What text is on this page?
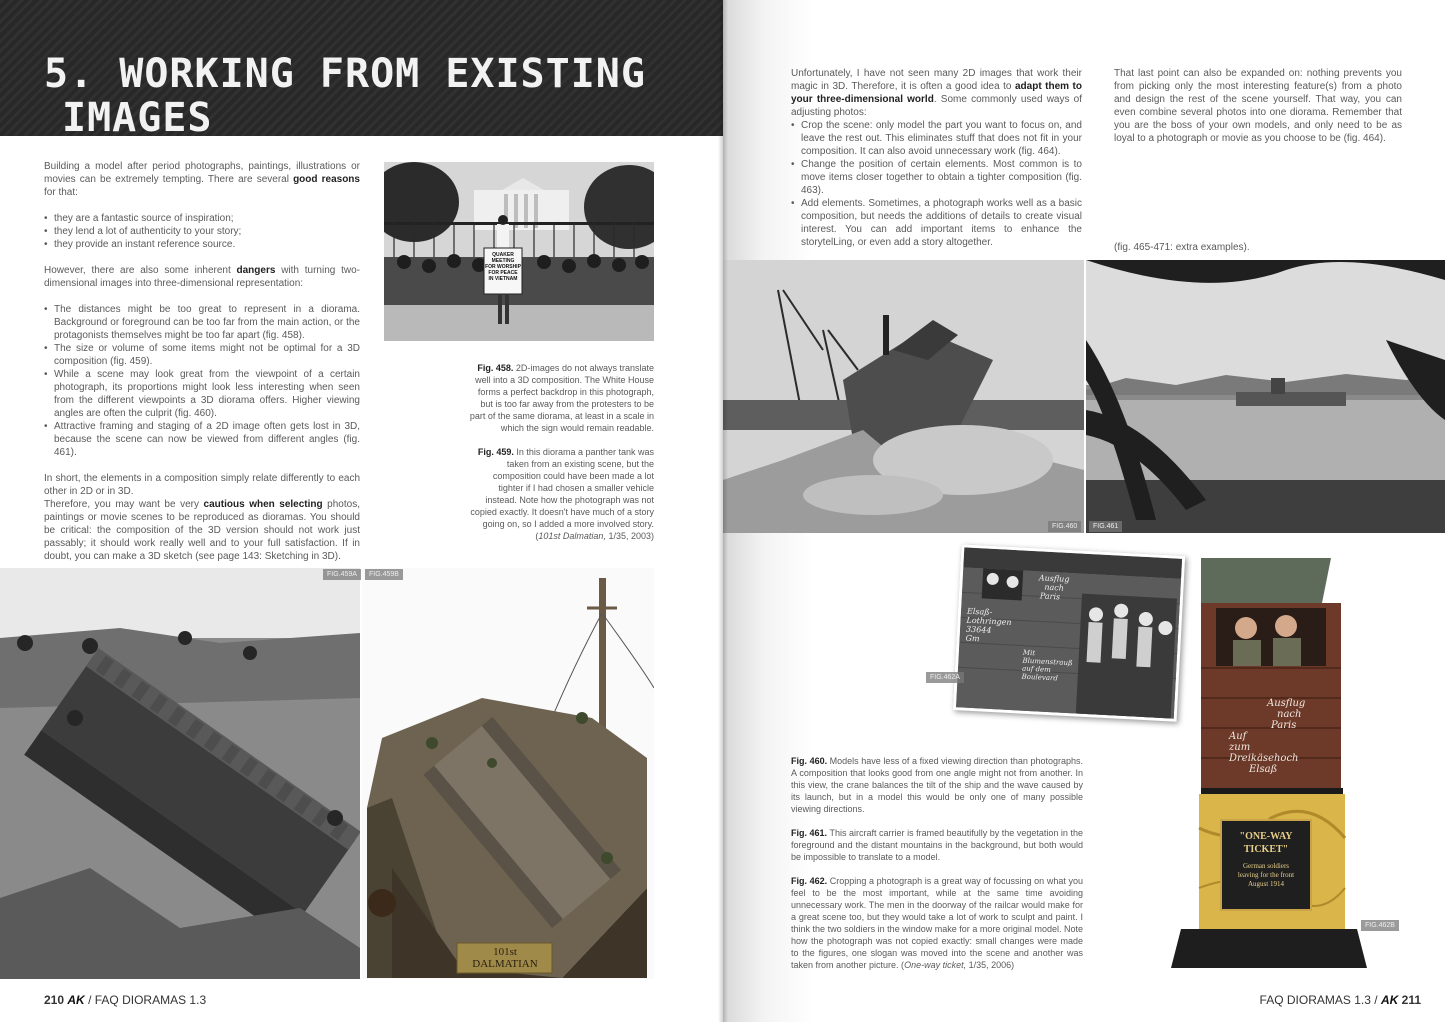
5. WORKING FROM EXISTING
IMAGES

Building a model after period photographs, paintings, illustrations or movies can be extremely tempting. There are several good reasons for that:

• they are a fantastic source of inspiration;
• they lend a lot of authenticity to your story;
• they provide an instant reference source.

However, there are also some inherent dangers with turning two-dimensional images into three-dimensional representation:

• The distances might be too great to represent in a diorama. Background or foreground can be too far from the main action, or the protagonists themselves might be too far apart (fig. 458).
• The size or volume of some items might not be optimal for a 3D composition (fig. 459).
• While a scene may look great from the viewpoint of a certain photograph, its proportions might look less interesting when seen from the different viewpoints a 3D diorama offers. Higher viewing angles are often the culprit (fig. 460).
• Attractive framing and staging of a 2D image often gets lost in 3D, because the scene can now be viewed from different angles (fig. 461).

In short, the elements in a composition simply relate differently to each other in 2D or in 3D.

Therefore, you may want be very cautious when selecting photos, paintings or movie scenes to be reproduced as dioramas. You should be critical: the composition of the 3D version should not work just passably; it should work really well and to your full satisfaction. If in doubt, you can make a 3D sketch (see page 143: Sketching in 3D).

QUAKER
MEETING
FOR WORSHIP
FOR PEACE
IN VIETNAM

Fig. 458. 2D-images do not always translate well into a 3D composition. The White House forms a perfect backdrop in this photograph, but is too far away from the protesters to be part of the same diorama, at least in a scale in which the sign would remain readable.

Fig. 459. In this diorama a panther tank was taken from an existing scene, but the composition could have been made a lot tighter if I had chosen a smaller vehicle instead. Note how the photograph was not copied exactly. It doesn't have much of a story going on, so I added a more involved story. (101st Dalmatian, 1/35, 2003)

FIG.459A
101st
DALMATIAN
FIG.459B
210 AK / FAQ DIORAMAS 1.3

Unfortunately, I have not seen many 2D images that work their magic in 3D. Therefore, it is often a good idea to adapt them to your three-dimensional world. Some commonly used ways of adjusting photos:

• Crop the scene: only model the part you want to focus on, and leave the rest out. This eliminates stuff that does not fit in your composition. It can also avoid unnecessary work (fig. 464).
• Change the position of certain elements. Most common is to move items closer together to obtain a tighter composition (fig. 463).
• Add elements. Sometimes, a photograph works well as a basic composition, but needs the additions of details to create visual interest. You can add important items to enhance the storytelLing, or even add a story altogether.

That last point can also be expanded on: nothing prevents you from picking only the most interesting feature(s) from a photo and design the rest of the scene yourself. That way, you can even combine several photos into one diorama. Remember that you are the boss of your own models, and only need to be as loyal to a photograph or movie as you choose to be (fig. 464).

(fig. 465-471: extra examples).
FIG.460	FIG.461
Ausflug
nach
Paris
Elsaß-
Lothringen
33644
Gm
Mit Blumenstrauß
auf dem
Boulevard
FIG.462A
Ausflug
nach
Paris
Auf
zum
Dreikäsehoch
Elsaß
"ONE-WAY
TICKET"
German soldiers
leaving for the front
August 1914
FIG.462B

Fig. 460. Models have less of a fixed viewing direction than photographs. A composition that looks good from one angle might not from another. In this view, the crane balances the tilt of the ship and the wave caused by its launch, but in a model this would be only one of many possible viewing directions.

Fig. 461. This aircraft carrier is framed beautifully by the vegetation in the foreground and the distant mountains in the background, but both would be impossible to translate to a model.

Fig. 462. Cropping a photograph is a great way of focussing on what you feel to be the most important, while at the same time avoiding unnecessary work. The men in the doorway of the railcar would make for a great scene too, but they would take a lot of work to sculpt and paint. I think the two soldiers in the window make for a more original model. Note how the photograph was not copied exactly: small changes were made to the figures, one slogan was moved into the scene and another was taken from another picture. (One-way ticket, 1/35, 2006)

FAQ DIORAMAS 1.3 / AK 211
